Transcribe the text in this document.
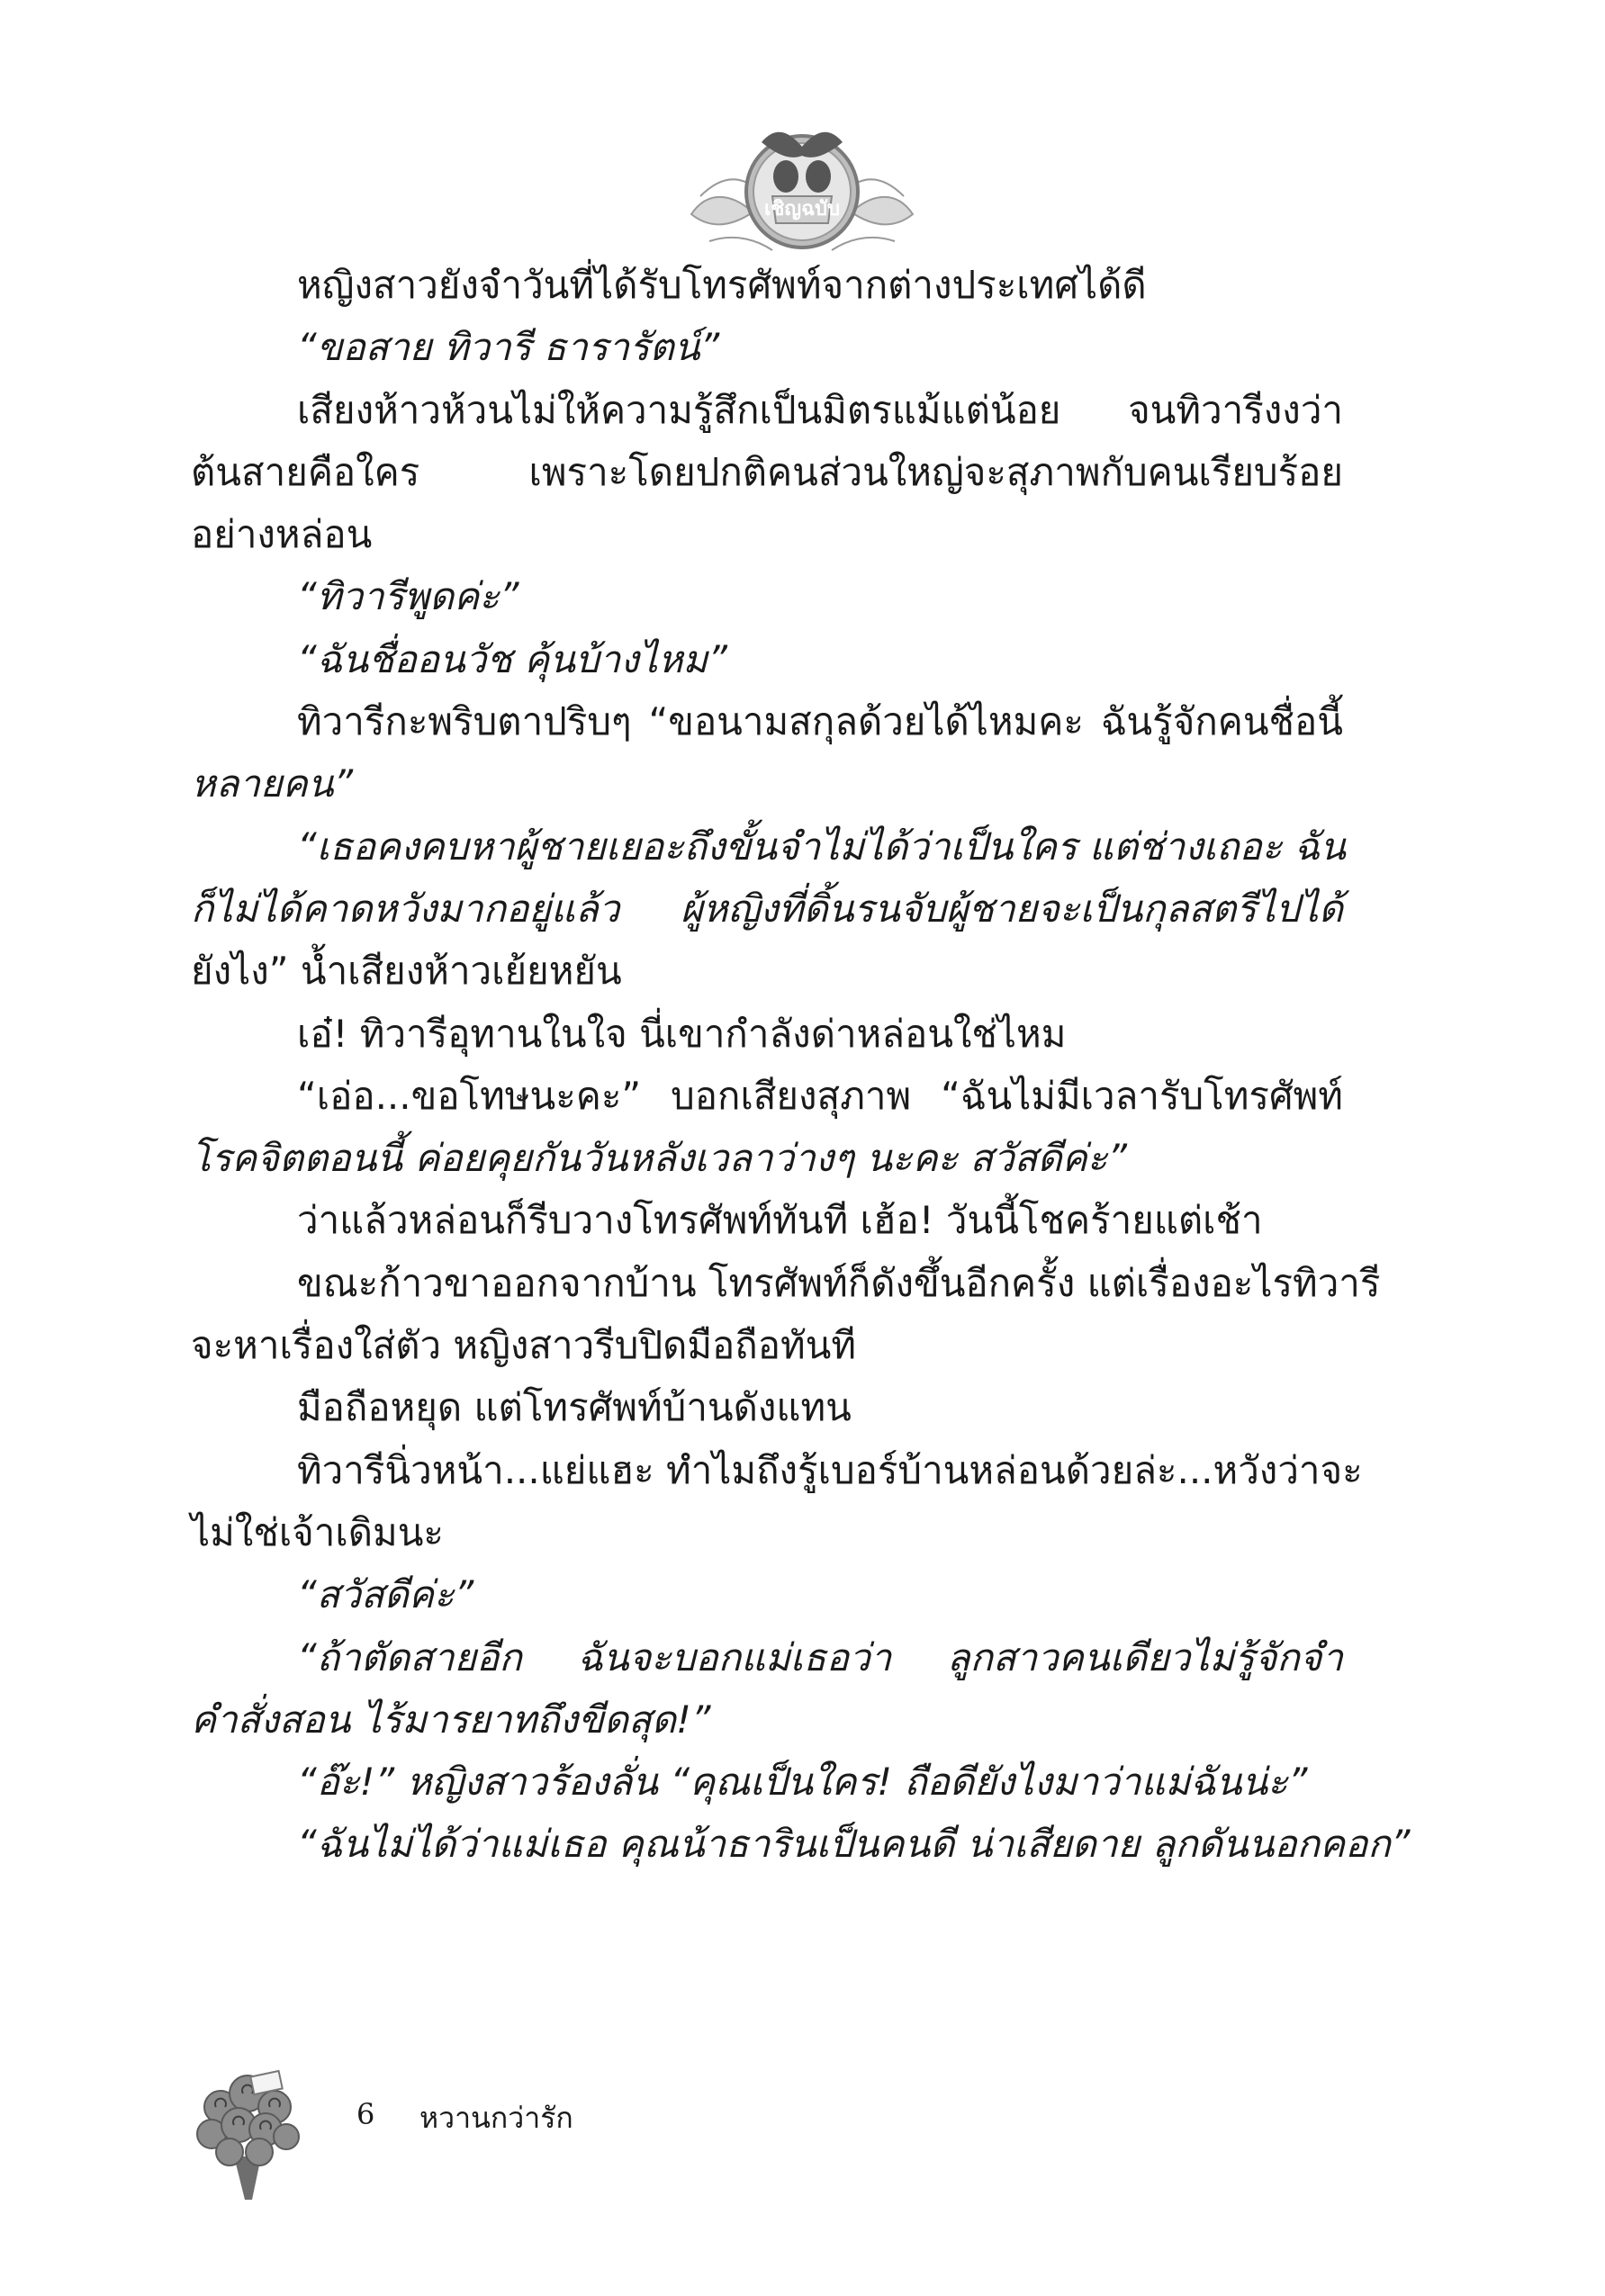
เชิญฉบับ
หญิงสาวยังจำวันที่ได้รับโทรศัพท์จากต่างประเทศได้ดี
“ขอสาย ทิวารี ธารารัตน์”
เสียงห้าวห้วนไม่ให้ความรู้สึกเป็นมิตรแม้แต่น้อย จนทิวารีงงว่า
ต้นสายคือใคร เพราะโดยปกติคนส่วนใหญ่จะสุภาพกับคนเรียบร้อย
อย่างหล่อน
“ทิวารีพูดค่ะ”
“ฉันชื่ออนวัช คุ้นบ้างไหม”
ทิวารีกะพริบตาปริบๆ “ขอนามสกุลด้วยได้ไหมคะ ฉันรู้จักคนชื่อนี้
หลายคน”
“เธอคงคบหาผู้ชายเยอะถึงขั้นจำไม่ได้ว่าเป็นใคร แต่ช่างเถอะ ฉัน
ก็ไม่ได้คาดหวังมากอยู่แล้ว ผู้หญิงที่ดิ้นรนจับผู้ชายจะเป็นกุลสตรีไปได้
ยังไง” น้ำเสียงห้าวเย้ยหยัน
เอ๋! ทิวารีอุทานในใจ นี่เขากำลังด่าหล่อนใช่ไหม
“เอ่อ...ขอโทษนะคะ” บอกเสียงสุภาพ “ฉันไม่มีเวลารับโทรศัพท์
โรคจิตตอนนี้ ค่อยคุยกันวันหลังเวลาว่างๆ นะคะ สวัสดีค่ะ”
ว่าแล้วหล่อนก็รีบวางโทรศัพท์ทันที เฮ้อ! วันนี้โชคร้ายแต่เช้า
ขณะก้าวขาออกจากบ้าน โทรศัพท์ก็ดังขึ้นอีกครั้ง แต่เรื่องอะไรทิวารี
จะหาเรื่องใส่ตัว หญิงสาวรีบปิดมือถือทันที
มือถือหยุด แต่โทรศัพท์บ้านดังแทน
ทิวารีนิ่วหน้า...แย่แฮะ ทำไมถึงรู้เบอร์บ้านหล่อนด้วยล่ะ...หวังว่าจะ
ไม่ใช่เจ้าเดิมนะ
“สวัสดีค่ะ”
“ถ้าตัดสายอีก ฉันจะบอกแม่เธอว่า ลูกสาวคนเดียวไม่รู้จักจำ
คำสั่งสอน ไร้มารยาทถึงขีดสุด!”
“อ๊ะ!” หญิงสาวร้องลั่น “คุณเป็นใคร! ถือดียังไงมาว่าแม่ฉันน่ะ”
“ฉันไม่ได้ว่าแม่เธอ คุณน้าธารินเป็นคนดี น่าเสียดาย ลูกดันนอกคอก”
6 หวานกว่ารัก
